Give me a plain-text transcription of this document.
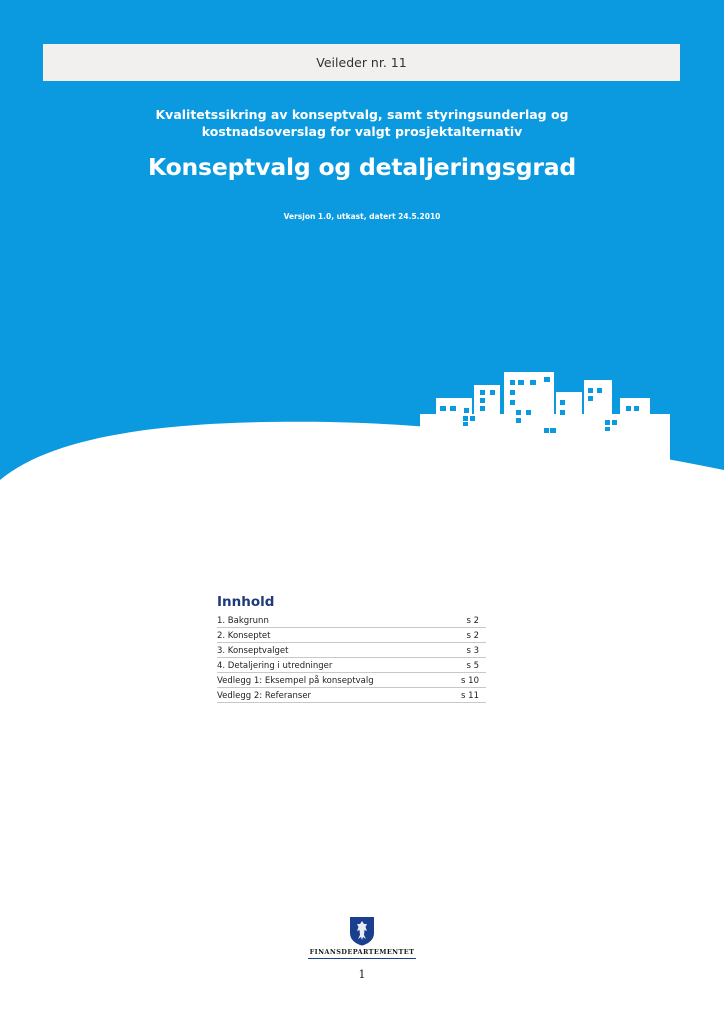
Veileder nr. 11
Kvalitetssikring av konseptvalg, samt styringsunderlag og
kostnadsoverslag for valgt prosjektalternativ
Konseptvalg og detaljeringsgrad
Versjon 1.0, utkast, datert 24.5.2010
Innhold
1. Bakgrunn	s 2
2. Konseptet	s 2
3. Konseptvalget	s 3
4. Detaljering i utredninger	s 5
Vedlegg 1: Eksempel på konseptvalg	s 10
Vedlegg 2: Referanser	s 11
FINANSDEPARTEMENTET
1
